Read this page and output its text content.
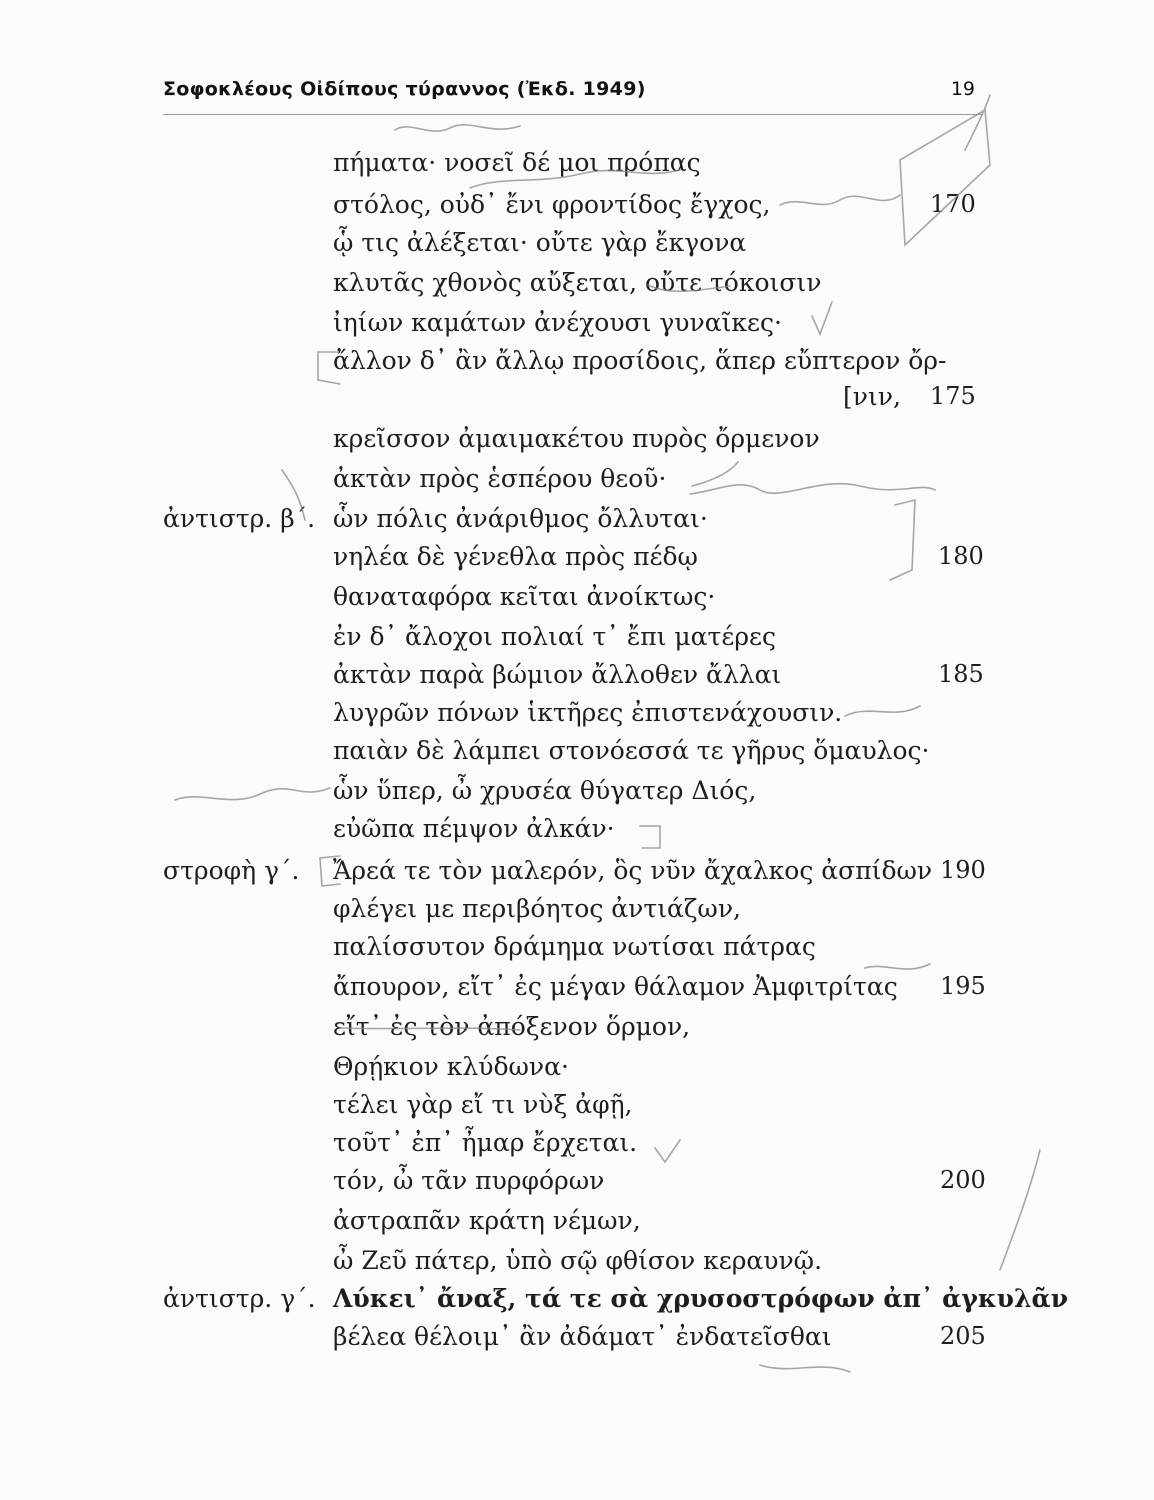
Σοφοκλέους Οἰδίπους τύραννος (Ἐκδ. 1949)	19
πήματα· νοσεῖ δέ μοι πρόπας
στόλος, οὐδ᾽ ἔνι φροντίδος ἔγχος,
ᾧ τις ἀλέξεται· οὔτε γὰρ ἔκγονα
κλυτᾶς χθονὸς αὔξεται, οὔτε τόκοισιν
ἰηίων καμάτων ἀνέχουσι γυναῖκες·
ἄλλον δ᾽ ἂν ἄλλῳ προσίδοις, ἅπερ εὔπτερον ὄρ-
[νιν,
κρεῖσσον ἀμαιμακέτου πυρὸς ὄρμενον
ἀκτὰν πρὸς ἑσπέρου θεοῦ·
ὧν πόλις ἀνάριθμος ὄλλυται·
νηλέα δὲ γένεθλα πρὸς πέδῳ
θαναταφόρα κεῖται ἀνοίκτως·
ἐν δ᾽ ἄλοχοι πολιαί τ᾽ ἔπι ματέρες
ἀκτὰν παρὰ βώμιον ἄλλοθεν ἄλλαι
λυγρῶν πόνων ἱκτῆρες ἐπιστενάχουσιν.
παιὰν δὲ λάμπει στονόεσσά τε γῆρυς ὅμαυλος·
ὧν ὕπερ, ὦ χρυσέα θύγατερ Διός,
εὐῶπα πέμψον ἀλκάν·
Ἄρεά τε τὸν μαλερόν, ὃς νῦν ἄχαλκος ἀσπίδων
φλέγει με περιβόητος ἀντιάζων,
παλίσσυτον δράμημα νωτίσαι πάτρας
ἄπουρον, εἴτ᾽ ἐς μέγαν θάλαμον Ἀμφιτρίτας
εἴτ᾽ ἐς τὸν ἀπόξενον ὅρμον,
Θρῄκιον κλύδωνα·
τέλει γὰρ εἴ τι νὺξ ἀφῇ,
τοῦτ᾽ ἐπ᾽ ἦμαρ ἔρχεται.
τόν, ὦ τᾶν πυρφόρων
ἀστραπᾶν κράτη νέμων,
ὦ Ζεῦ πάτερ, ὑπὸ σῷ φθίσον κεραυνῷ.
Λύκει᾽ ἄναξ, τά τε σὰ χρυσοστρόφων ἀπ᾽ ἀγκυλᾶν
βέλεα θέλοιμ᾽ ἂν ἀδάματ᾽ ἐνδατεῖσθαι
ἀντιστρ. β΄.
στροφὴ γ΄.
ἀντιστρ. γ΄.
170
175
180
185
190
195
200
205
